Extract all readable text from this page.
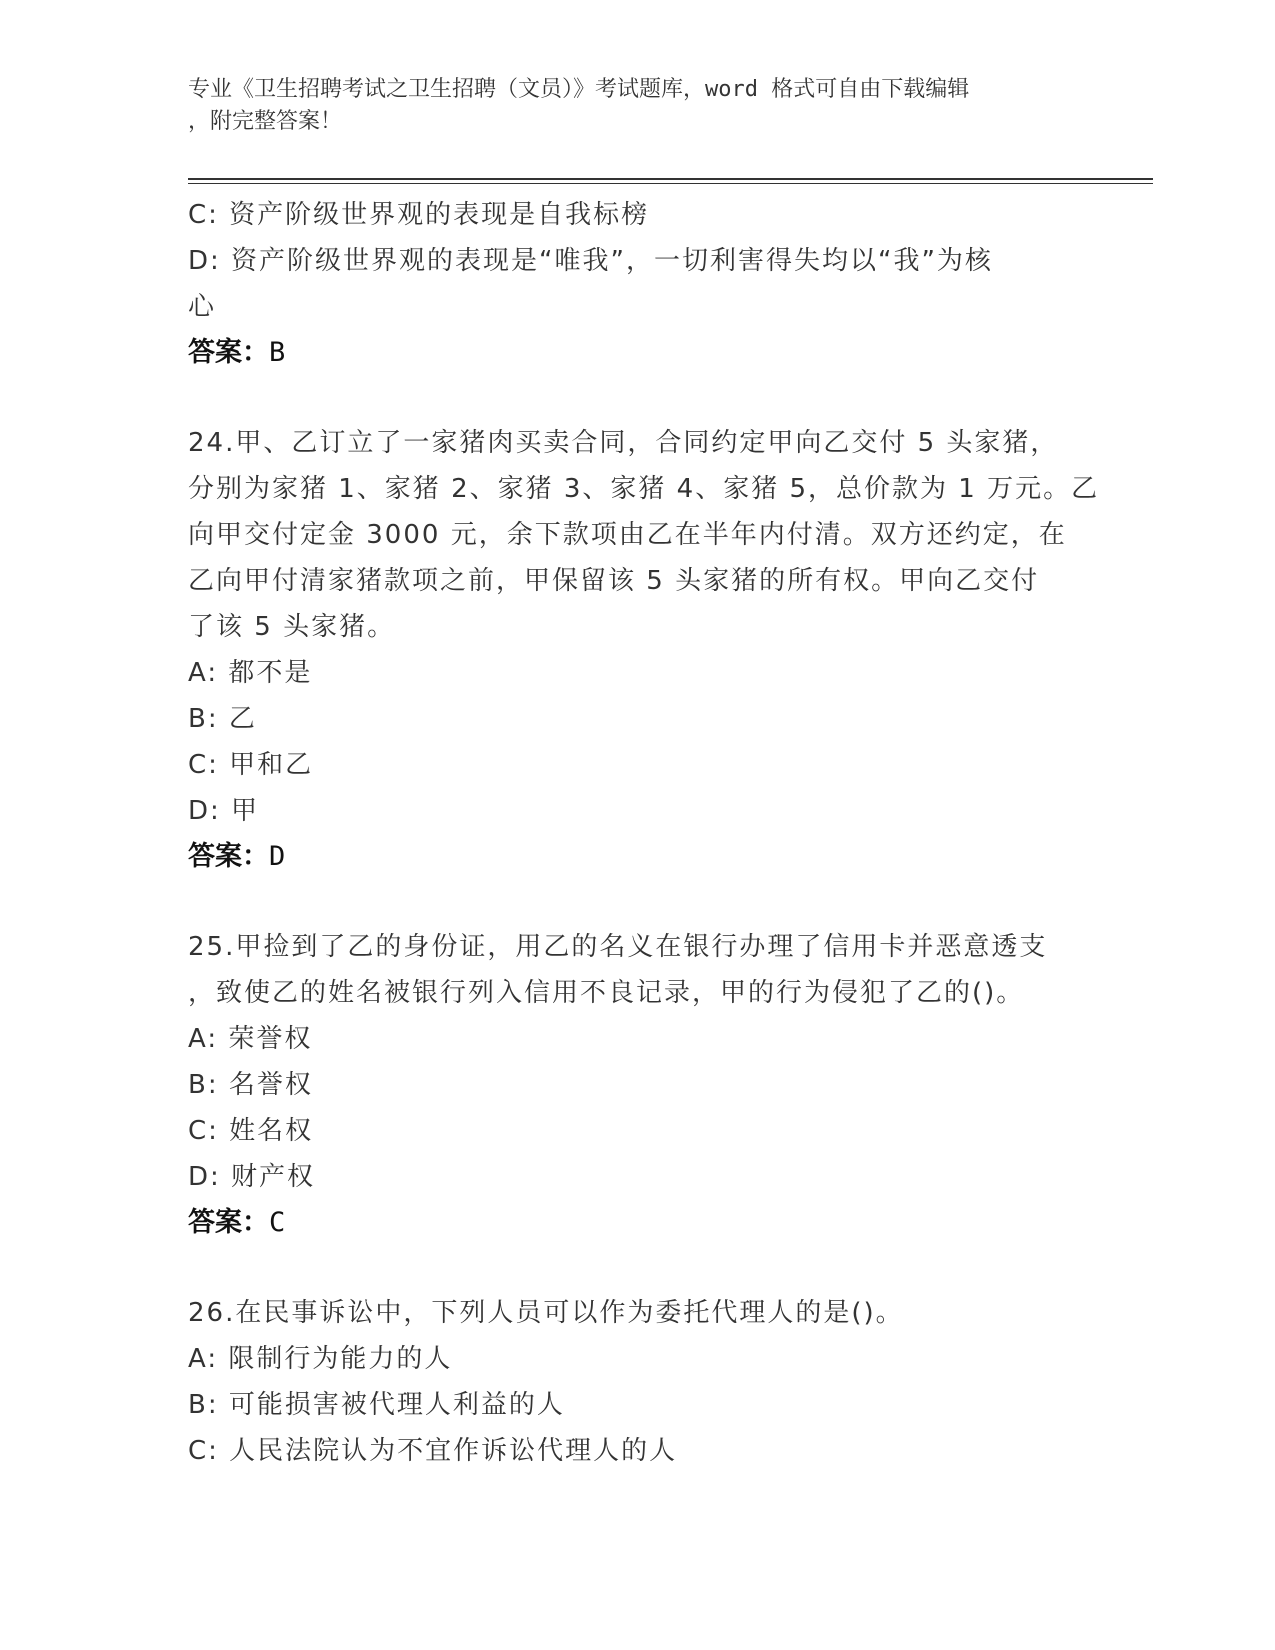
专业《卫生招聘考试之卫生招聘（文员）》考试题库，word 格式可自由下载编辑
，附完整答案！
C: 资产阶级世界观的表现是自我标榜
D: 资产阶级世界观的表现是“唯我”，一切利害得失均以“我”为核
心
答案：B
24.甲、乙订立了一家猪肉买卖合同，合同约定甲向乙交付 5 头家猪，
分别为家猪 1、家猪 2、家猪 3、家猪 4、家猪 5，总价款为 1 万元。乙
向甲交付定金 3000 元，余下款项由乙在半年内付清。双方还约定，在
乙向甲付清家猪款项之前，甲保留该 5 头家猪的所有权。甲向乙交付
了该 5 头家猪。
A: 都不是
B: 乙
C: 甲和乙
D: 甲
答案：D
25.甲捡到了乙的身份证，用乙的名义在银行办理了信用卡并恶意透支
，致使乙的姓名被银行列入信用不良记录，甲的行为侵犯了乙的()。
A: 荣誉权
B: 名誉权
C: 姓名权
D: 财产权
答案：C
26.在民事诉讼中，下列人员可以作为委托代理人的是()。
A: 限制行为能力的人
B: 可能损害被代理人利益的人
C: 人民法院认为不宜作诉讼代理人的人
